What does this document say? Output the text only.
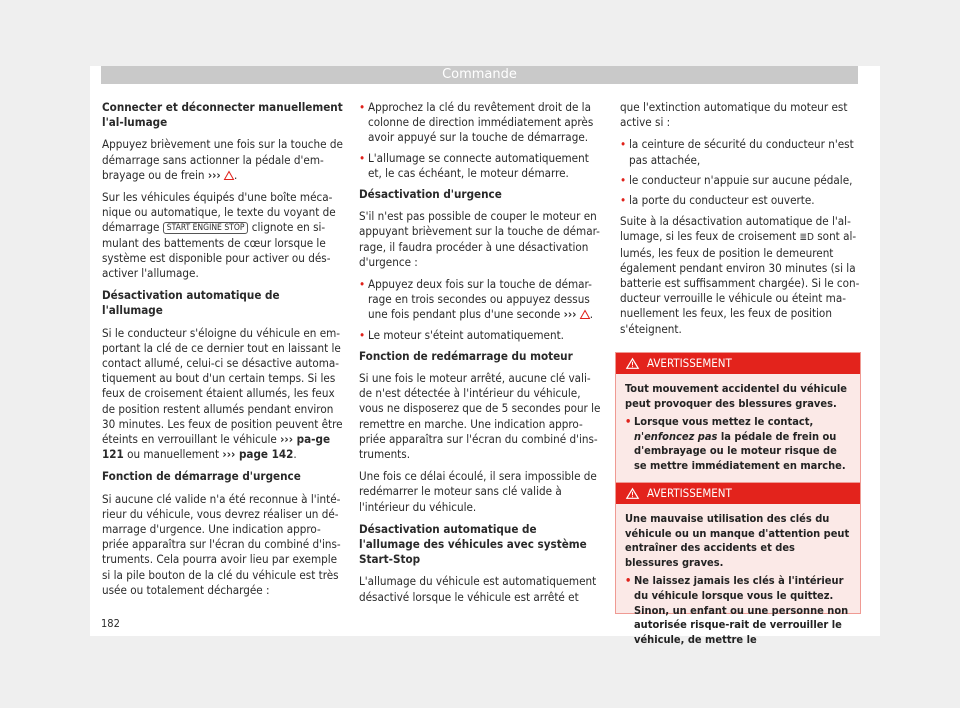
Commande

Connecter et déconnecter manuellement l'al-lumage

Appuyez brièvement une fois sur la touche de démarrage sans actionner la pédale d'em-brayage ou de frein ››› .

Sur les véhicules équipés d'une boîte méca-nique ou automatique, le texte du voyant de démarrage START ENGINE STOP clignote en si-mulant des battements de cœur lorsque le système est disponible pour activer ou dés-activer l'allumage.

Désactivation automatique de l'allumage

Si le conducteur s'éloigne du véhicule en em-portant la clé de ce dernier tout en laissant le contact allumé, celui-ci se désactive automa-tiquement au bout d'un certain temps. Si les feux de croisement étaient allumés, les feux de position restent allumés pendant environ 30 minutes. Les feux de position peuvent être éteints en verrouillant le véhicule ››› pa-ge 121 ou manuellement ››› page 142.

Fonction de démarrage d'urgence

Si aucune clé valide n'a été reconnue à l'inté-rieur du véhicule, vous devrez réaliser un dé-marrage d'urgence. Une indication appro-priée apparaîtra sur l'écran du combiné d'ins-truments. Cela pourra avoir lieu par exemple si la pile bouton de la clé du véhicule est très usée ou totalement déchargée :

• Approchez la clé du revêtement droit de la colonne de direction immédiatement après avoir appuyé sur la touche de démarrage.
• L'allumage se connecte automatiquement et, le cas échéant, le moteur démarre.

Désactivation d'urgence

S'il n'est pas possible de couper le moteur en appuyant brièvement sur la touche de démar-rage, il faudra procéder à une désactivation d'urgence :

• Appuyez deux fois sur la touche de démar-rage en trois secondes ou appuyez dessus une fois pendant plus d'une seconde ››› .
• Le moteur s'éteint automatiquement.

Fonction de redémarrage du moteur

Si une fois le moteur arrêté, aucune clé vali-de n'est détectée à l'intérieur du véhicule, vous ne disposerez que de 5 secondes pour le remettre en marche. Une indication appro-priée apparaîtra sur l'écran du combiné d'ins-truments.

Une fois ce délai écoulé, il sera impossible de redémarrer le moteur sans clé valide à l'intérieur du véhicule.

Désactivation automatique de l'allumage des véhicules avec système Start-Stop

L'allumage du véhicule est automatiquement désactivé lorsque le véhicule est arrêté et

que l'extinction automatique du moteur est active si :

• la ceinture de sécurité du conducteur n'est pas attachée,
• le conducteur n'appuie sur aucune pédale,
• la porte du conducteur est ouverte.

Suite à la désactivation automatique de l'al-lumage, si les feux de croisement ≣D sont al-lumés, les feux de position le demeurent également pendant environ 30 minutes (si la batterie est suffisamment chargée). Si le con-ducteur verrouille le véhicule ou éteint ma-nuellement les feux, les feux de position s'éteignent.

AVERTISSEMENT

Tout mouvement accidentel du véhicule peut provoquer des blessures graves.

• Lorsque vous mettez le contact, n'enfoncez pas la pédale de frein ou d'embrayage ou le moteur risque de se mettre immédiatement en marche.
AVERTISSEMENT

Une mauvaise utilisation des clés du véhicule ou un manque d'attention peut entraîner des accidents et des blessures graves.

• Ne laissez jamais les clés à l'intérieur du véhicule lorsque vous le quittez. Sinon, un enfant ou une personne non autorisée risque-rait de verrouiller le véhicule, de mettre le
182
